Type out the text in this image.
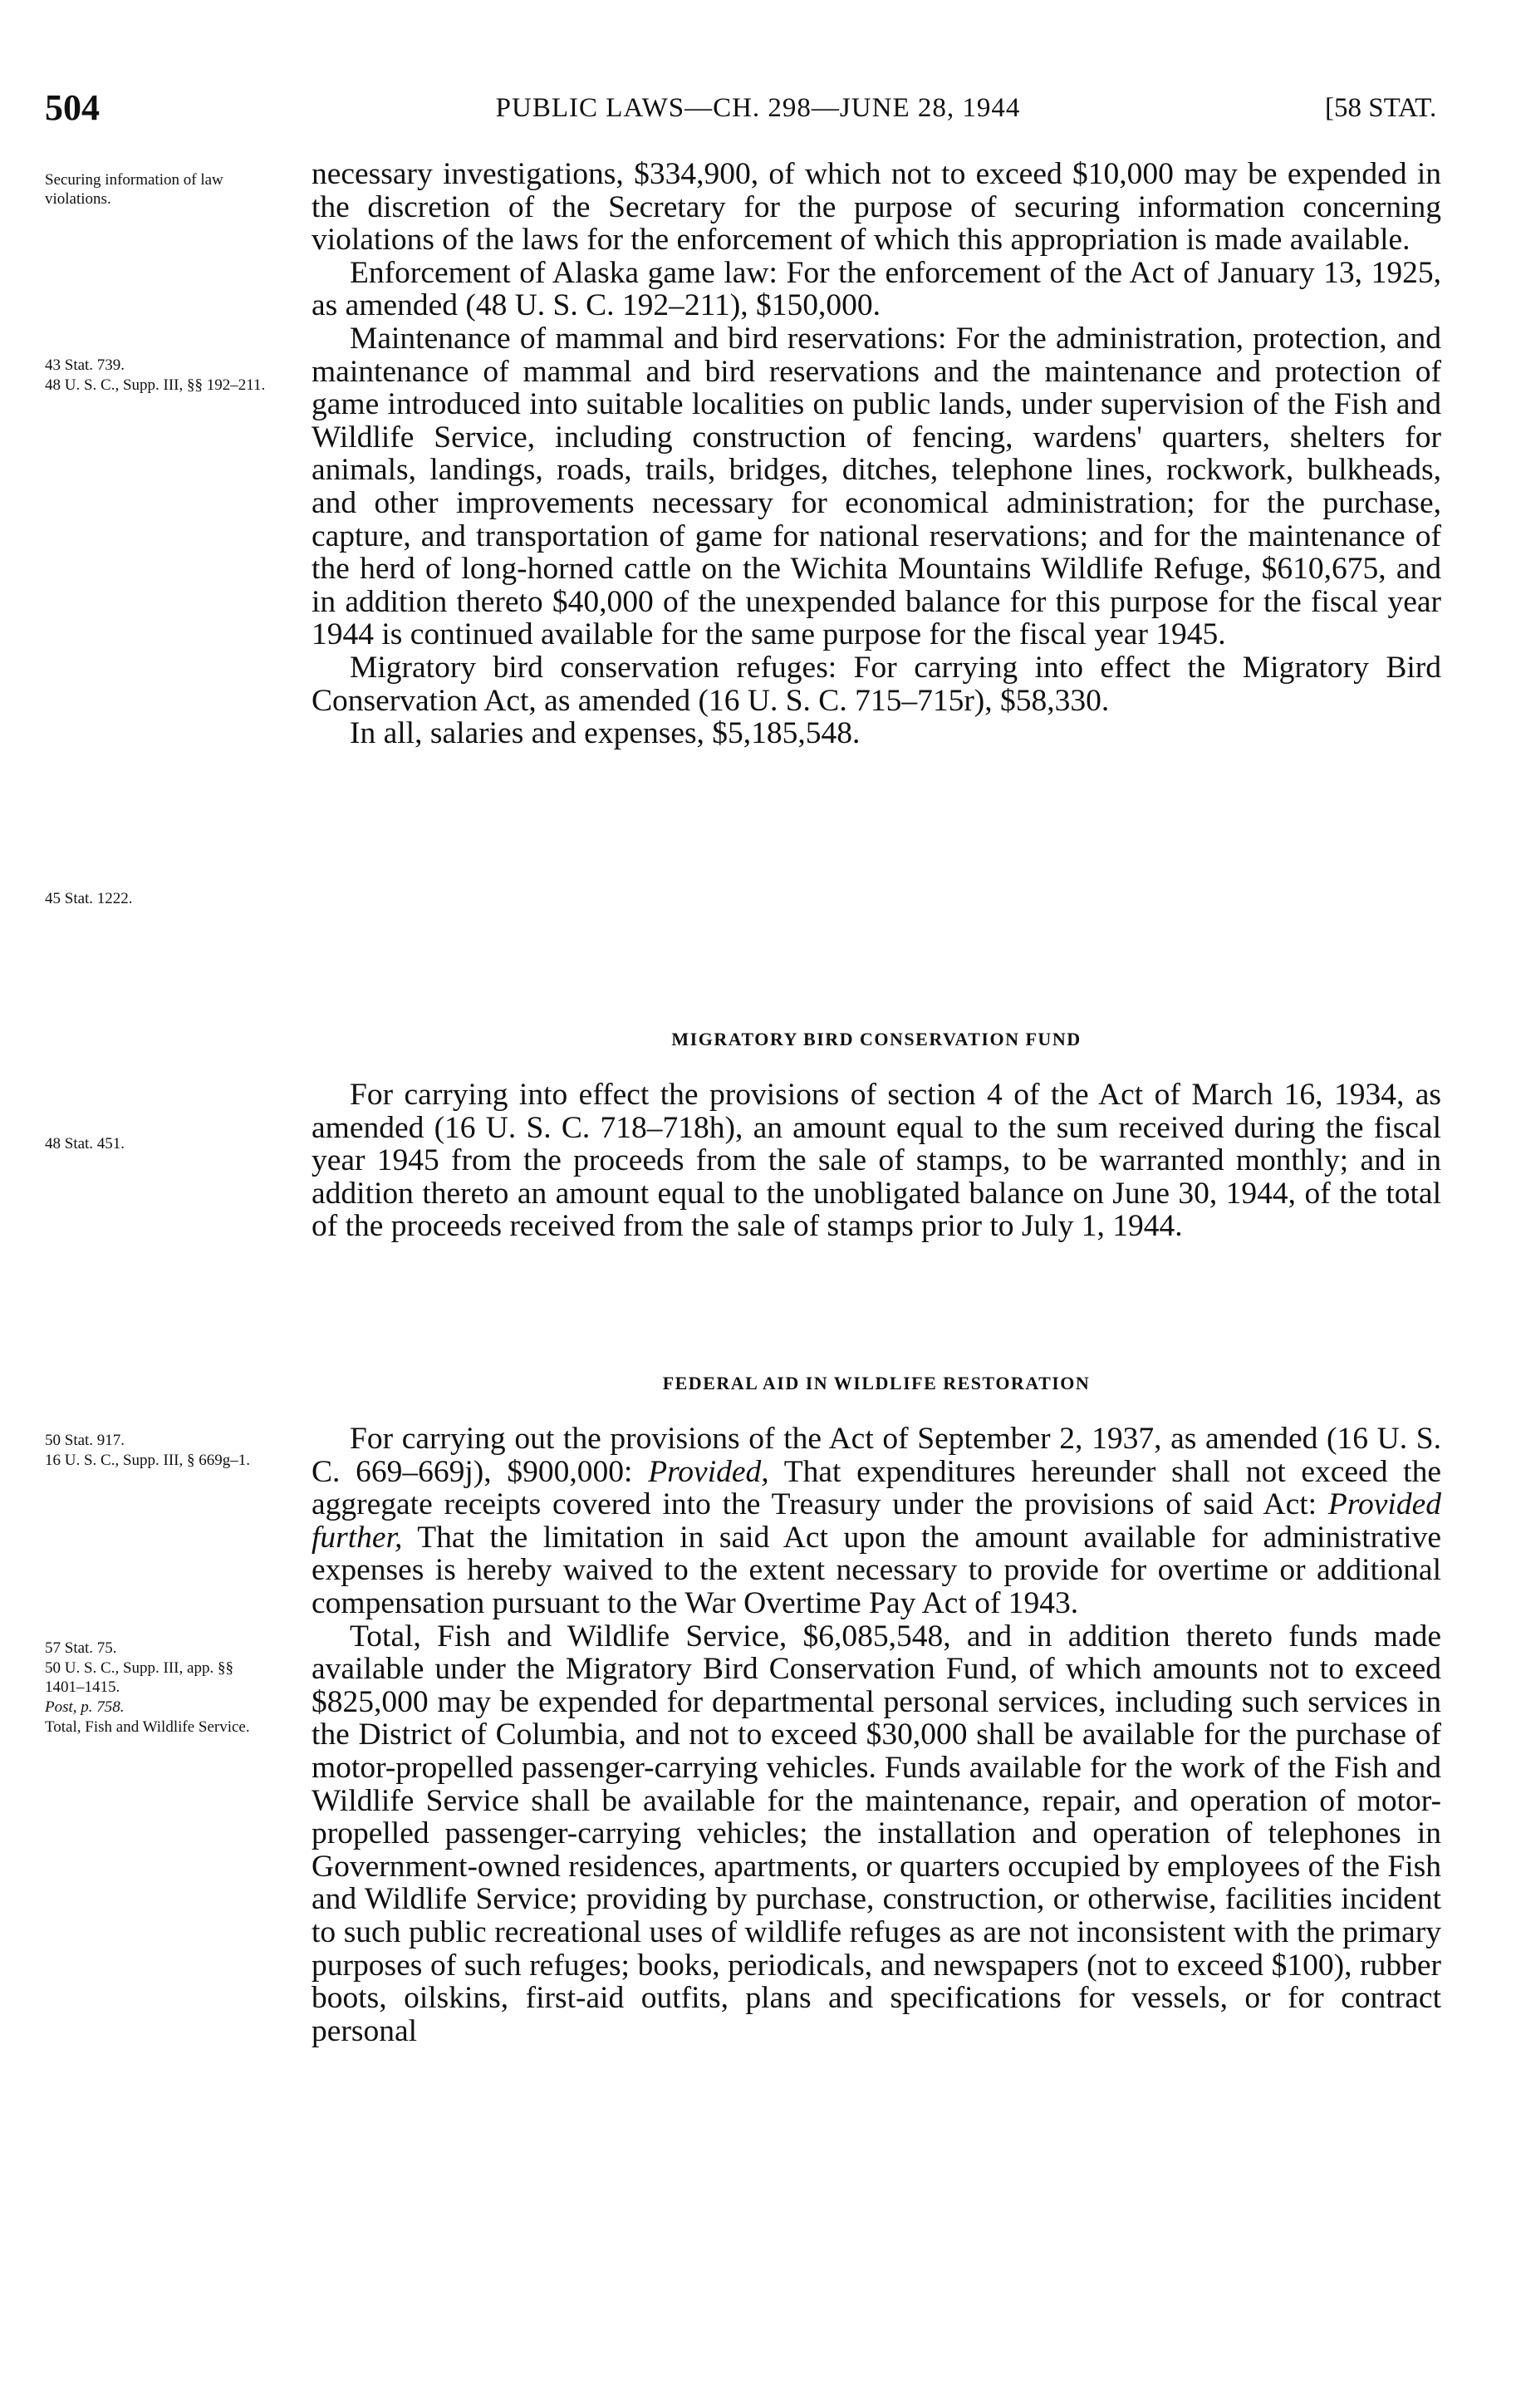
504	PUBLIC LAWS—CH. 298—JUNE 28, 1944	[58 STAT.
Securing information of law violations.
43 Stat. 739.
48 U. S. C., Supp. III, §§ 192–211.
45 Stat. 1222.
48 Stat. 451.
50 Stat. 917.
16 U. S. C., Supp. III, § 669g–1.
57 Stat. 75.
50 U. S. C., Supp. III, app. §§ 1401–1415.
Post, p. 758.
Total, Fish and Wildlife Service.

necessary investigations, $334,900, of which not to exceed $10,000 may be expended in the discretion of the Secretary for the purpose of securing information concerning violations of the laws for the enforcement of which this appropriation is made available.

Enforcement of Alaska game law: For the enforcement of the Act of January 13, 1925, as amended (48 U. S. C. 192–211), $150,000.

Maintenance of mammal and bird reservations: For the administration, protection, and maintenance of mammal and bird reservations and the maintenance and protection of game introduced into suitable localities on public lands, under supervision of the Fish and Wildlife Service, including construction of fencing, wardens' quarters, shelters for animals, landings, roads, trails, bridges, ditches, telephone lines, rockwork, bulkheads, and other improvements necessary for economical administration; for the purchase, capture, and transportation of game for national reservations; and for the maintenance of the herd of long-horned cattle on the Wichita Mountains Wildlife Refuge, $610,675, and in addition thereto $40,000 of the unexpended balance for this purpose for the fiscal year 1944 is continued available for the same purpose for the fiscal year 1945.

Migratory bird conservation refuges: For carrying into effect the Migratory Bird Conservation Act, as amended (16 U. S. C. 715–715r), $58,330.

In all, salaries and expenses, $5,185,548.

MIGRATORY BIRD CONSERVATION FUND

For carrying into effect the provisions of section 4 of the Act of March 16, 1934, as amended (16 U. S. C. 718–718h), an amount equal to the sum received during the fiscal year 1945 from the proceeds from the sale of stamps, to be warranted monthly; and in addition thereto an amount equal to the unobligated balance on June 30, 1944, of the total of the proceeds received from the sale of stamps prior to July 1, 1944.

FEDERAL AID IN WILDLIFE RESTORATION

For carrying out the provisions of the Act of September 2, 1937, as amended (16 U. S. C. 669–669j), $900,000: Provided, That expenditures hereunder shall not exceed the aggregate receipts covered into the Treasury under the provisions of said Act: Provided further, That the limitation in said Act upon the amount available for administrative expenses is hereby waived to the extent necessary to provide for overtime or additional compensation pursuant to the War Overtime Pay Act of 1943.

Total, Fish and Wildlife Service, $6,085,548, and in addition thereto funds made available under the Migratory Bird Conservation Fund, of which amounts not to exceed $825,000 may be expended for departmental personal services, including such services in the District of Columbia, and not to exceed $30,000 shall be available for the purchase of motor-propelled passenger-carrying vehicles. Funds available for the work of the Fish and Wildlife Service shall be available for the maintenance, repair, and operation of motor-propelled passenger-carrying vehicles; the installation and operation of telephones in Government-owned residences, apartments, or quarters occupied by employees of the Fish and Wildlife Service; providing by purchase, construction, or otherwise, facilities incident to such public recreational uses of wildlife refuges as are not inconsistent with the primary purposes of such refuges; books, periodicals, and newspapers (not to exceed $100), rubber boots, oilskins, first-aid outfits, plans and specifications for vessels, or for contract personal
